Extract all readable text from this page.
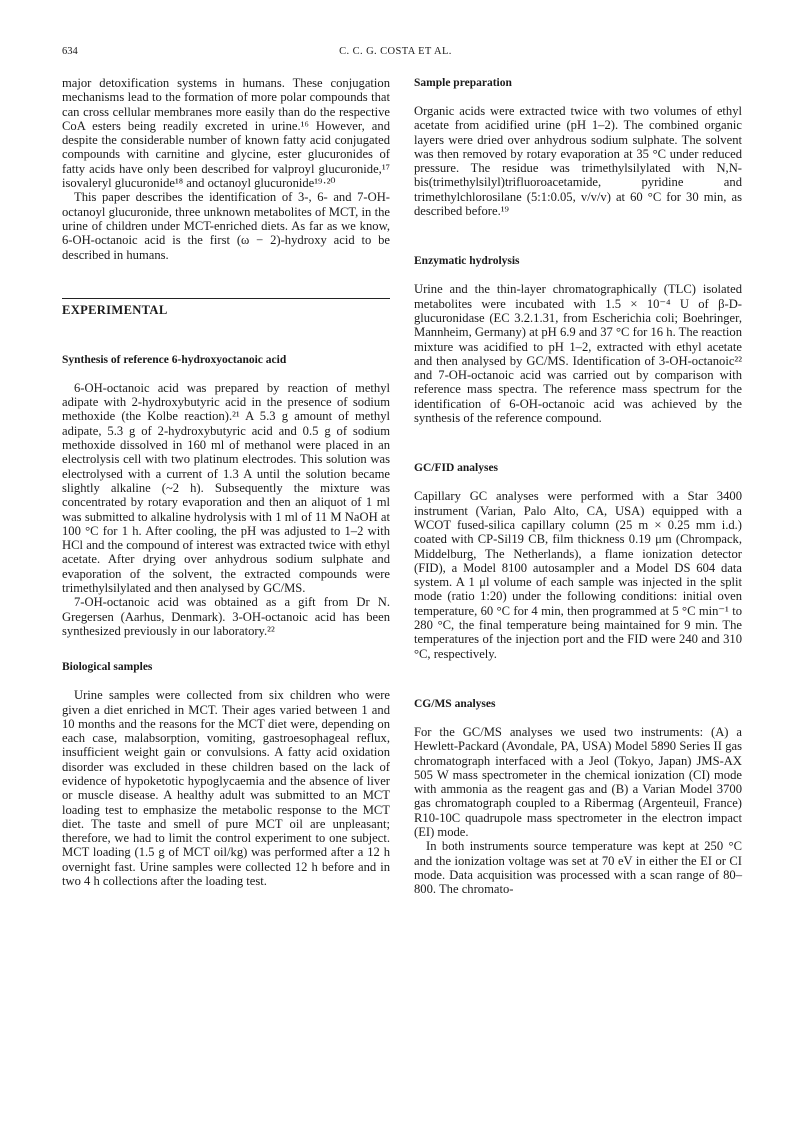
634	C. C. G. COSTA ET AL.

major detoxification systems in humans. These conjugation mechanisms lead to the formation of more polar compounds that can cross cellular membranes more easily than do the respective CoA esters being readily excreted in urine.¹⁶ However, and despite the considerable number of known fatty acid conjugated compounds with carnitine and glycine, ester glucuronides of fatty acids have only been described for valproyl glucuronide,¹⁷ isovaleryl glucuronide¹⁸ and octanoyl glucuronide¹⁹·²⁰

This paper describes the identification of 3-, 6- and 7-OH-octanoyl glucuronide, three unknown metabolites of MCT, in the urine of children under MCT-enriched diets. As far as we know, 6-OH-octanoic acid is the first (ω − 2)-hydroxy acid to be described in humans.

EXPERIMENTAL
Synthesis of reference 6-hydroxyoctanoic acid

6-OH-octanoic acid was prepared by reaction of methyl adipate with 2-hydroxybutyric acid in the presence of sodium methoxide (the Kolbe reaction).²¹ A 5.3 g amount of methyl adipate, 5.3 g of 2-hydroxybutyric acid and 0.5 g of sodium methoxide dissolved in 160 ml of methanol were placed in an electrolysis cell with two platinum electrodes. This solution was electrolysed with a current of 1.3 A until the solution became slightly alkaline (~2 h). Subsequently the mixture was concentrated by rotary evaporation and then an aliquot of 1 ml was submitted to alkaline hydrolysis with 1 ml of 11 M NaOH at 100 °C for 1 h. After cooling, the pH was adjusted to 1–2 with HCl and the compound of interest was extracted twice with ethyl acetate. After drying over anhydrous sodium sulphate and evaporation of the solvent, the extracted compounds were trimethylsilylated and then analysed by GC/MS.

7-OH-octanoic acid was obtained as a gift from Dr N. Gregersen (Aarhus, Denmark). 3-OH-octanoic acid has been synthesized previously in our laboratory.²²

Biological samples

Urine samples were collected from six children who were given a diet enriched in MCT. Their ages varied between 1 and 10 months and the reasons for the MCT diet were, depending on each case, malabsorption, vomiting, gastroesophageal reflux, insufficient weight gain or convulsions. A fatty acid oxidation disorder was excluded in these children based on the lack of evidence of hypoketotic hypoglycaemia and the absence of liver or muscle disease. A healthy adult was submitted to an MCT loading test to emphasize the metabolic response to the MCT diet. The taste and smell of pure MCT oil are unpleasant; therefore, we had to limit the control experiment to one subject. MCT loading (1.5 g of MCT oil/kg) was performed after a 12 h overnight fast. Urine samples were collected 12 h before and in two 4 h collections after the loading test.

Sample preparation

Organic acids were extracted twice with two volumes of ethyl acetate from acidified urine (pH 1–2). The combined organic layers were dried over anhydrous sodium sulphate. The solvent was then removed by rotary evaporation at 35 °C under reduced pressure. The residue was trimethylsilylated with N,N-bis(trimethylsilyl)trifluoroacetamide, pyridine and trimethylchlorosilane (5:1:0.05, v/v/v) at 60 °C for 30 min, as described before.¹⁹

Enzymatic hydrolysis

Urine and the thin-layer chromatographically (TLC) isolated metabolites were incubated with 1.5 × 10⁻⁴ U of β-D-glucuronidase (EC 3.2.1.31, from Escherichia coli; Boehringer, Mannheim, Germany) at pH 6.9 and 37 °C for 16 h. The reaction mixture was acidified to pH 1–2, extracted with ethyl acetate and then analysed by GC/MS. Identification of 3-OH-octanoic²² and 7-OH-octanoic acid was carried out by comparison with reference mass spectra. The reference mass spectrum for the identification of 6-OH-octanoic acid was achieved by the synthesis of the reference compound.

GC/FID analyses

Capillary GC analyses were performed with a Star 3400 instrument (Varian, Palo Alto, CA, USA) equipped with a WCOT fused-silica capillary column (25 m × 0.25 mm i.d.) coated with CP-Sil19 CB, film thickness 0.19 μm (Chrompack, Middelburg, The Netherlands), a flame ionization detector (FID), a Model 8100 autosampler and a Model DS 604 data system. A 1 μl volume of each sample was injected in the split mode (ratio 1:20) under the following conditions: initial oven temperature, 60 °C for 4 min, then programmed at 5 °C min⁻¹ to 280 °C, the final temperature being maintained for 9 min. The temperatures of the injection port and the FID were 240 and 310 °C, respectively.

CG/MS analyses

For the GC/MS analyses we used two instruments: (A) a Hewlett-Packard (Avondale, PA, USA) Model 5890 Series II gas chromatograph interfaced with a Jeol (Tokyo, Japan) JMS-AX 505 W mass spectrometer in the chemical ionization (CI) mode with ammonia as the reagent gas and (B) a Varian Model 3700 gas chromatograph coupled to a Ribermag (Argenteuil, France) R10-10C quadrupole mass spectrometer in the electron impact (EI) mode.

In both instruments source temperature was kept at 250 °C and the ionization voltage was set at 70 eV in either the EI or CI mode. Data acquisition was processed with a scan range of 80–800. The chromato-
